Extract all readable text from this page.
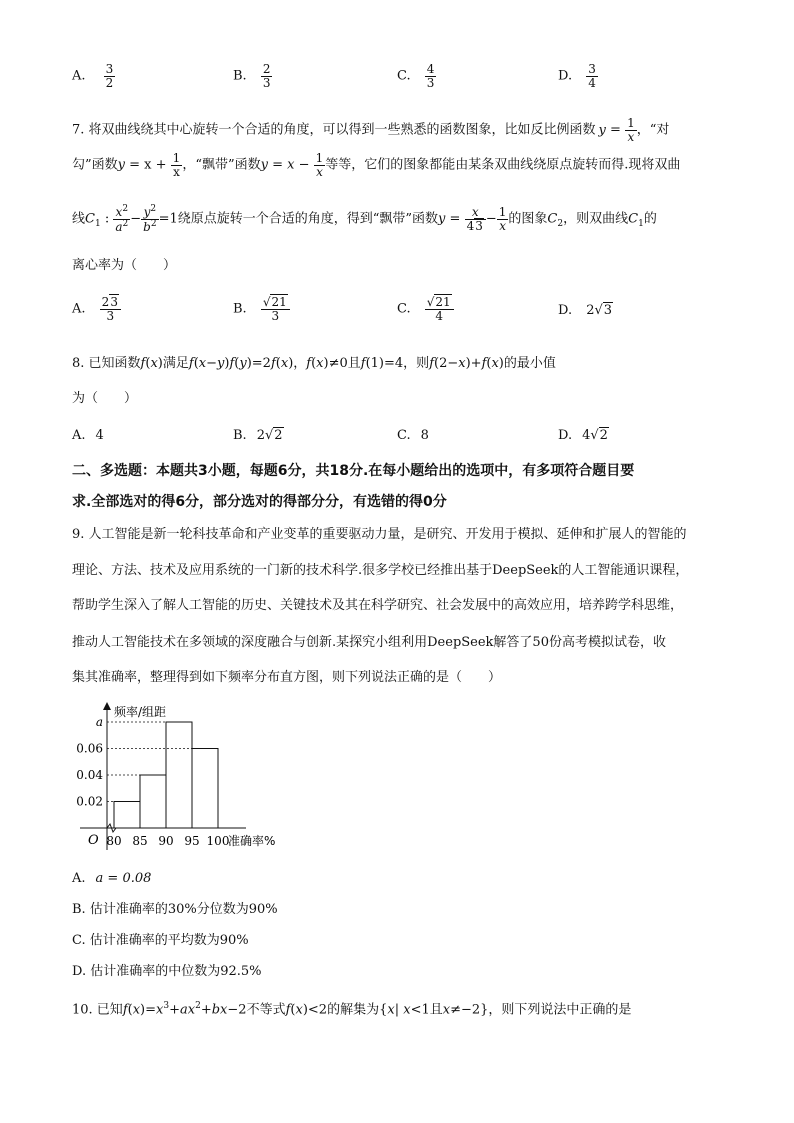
A. $\frac{3}{2}$	B. $\frac{2}{3}$	C. $\frac{4}{3}$	D. $\frac{3}{4}$
7. 将双曲线绕其中心旋转一个合适的角度，可以得到一些熟悉的函数图象，比如反比例函数 $y = \frac{1}{x}$ ，“对
勾”函数$y = x + \frac{1}{x}$ ，“飘带”函数$y = x - \frac{1}{x}$ 等等，它们的图象都能由某条双曲线绕原点旋转而得.现将双曲
线$C_1$ : $\frac{x^2}{a^2} - \frac{y^2}{b^2} =1$绕原点旋转一个合适的角度，得到“飘带”函数$y = \frac{x}{43} - \frac{1}{x}$ 的图象$C_2$，则双曲线$C_1$的
离心率为（　　）
A. $\frac{23}{3}$	B. $\frac{√21}{3}$	C. $\frac{√21}{4}$	D. 2√3
8. 已知函数f(x)满足f(x−y)f(y)=2f(x)，f(x)≠0且f(1)=4，则f(2−x)+f(x)的最小值
为（　　）
A. 4	B. 2√2	C. 8	D. 4√2
二、多选题：本题共3小题，每题6分，共18分.在每小题给出的选项中，有多项符合题目要
求.全部选对的得6分，部分选对的得部分分，有选错的得0分
9. 人工智能是新一轮科技革命和产业变革的重要驱动力量，是研究、开发用于模拟、延伸和扩展人的智能的
理论、方法、技术及应用系统的一门新的技术科学.很多学校已经推出基于DeepSeek的人工智能通识课程，
帮助学生深入了解人工智能的历史、关键技术及其在科学研究、社会发展中的高效应用，培养跨学科思维，
推动人工智能技术在多领域的深度融合与创新.某探究小组利用DeepSeek解答了50份高考模拟试卷，收
集其准确率，整理得到如下频率分布直方图，则下列说法正确的是（　　）
频率/组距
准确率%
O
0.02
0.04
0.06
a
80 85 90 95 100
A. a = 0.08
B. 估计准确率的30%分位数为90%
C. 估计准确率的平均数为90%
D. 估计准确率的中位数为92.5%
10. 已知$f(x)=x^3+ax^2+bx-2$不等式f(x)<2的解集为{x| x<1且x≠−2}，则下列说法中正确的是
